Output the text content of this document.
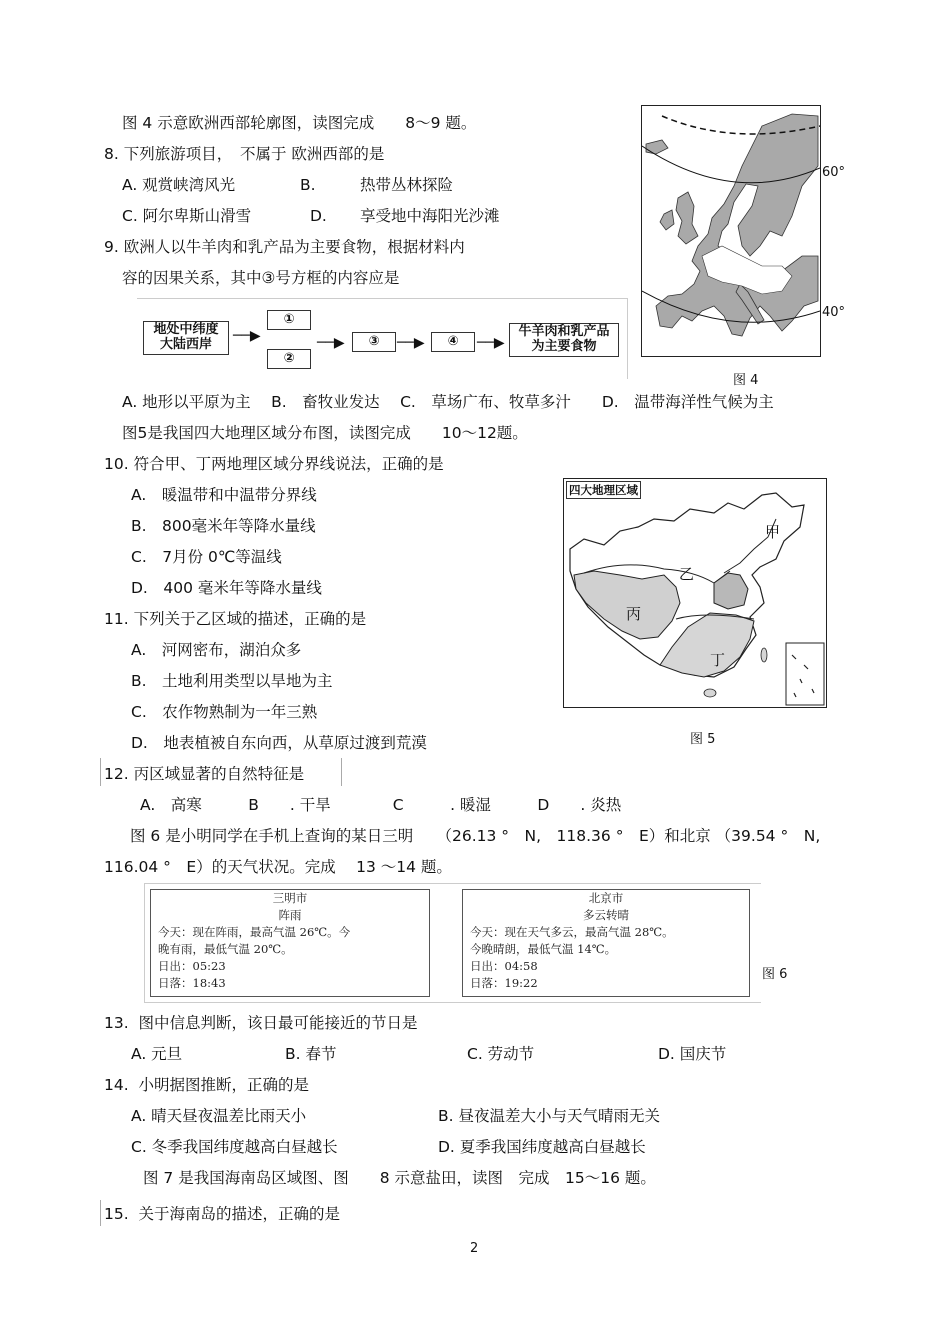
图 4 示意欧洲西部轮廓图，读图完成　　8～9 题。
8. 下列旅游项目，　不属于 欧洲西部的是
A. 观赏峡湾风光	B.	热带丛林探险
C. 阿尔卑斯山滑雪	D. 享受地中海阳光沙滩
9. 欧洲人以牛羊肉和乳产品为主要食物，根据材料内
容的因果关系，其中③号方框的内容应是
地处中纬度
大陆西岸
──▶
①
②
──▶	③	──▶	④	──▶
牛羊肉和乳产品
为主要食物
60°
40°
图 4
A. 地形以平原为主　 B.　畜牧业发达　 C.　草场广布、牧草多汁　　D.　温带海洋性气候为主
图5是我国四大地理区域分布图，读图完成　　10～12题。
10. 符合甲、丁两地理区域分界线说法，正确的是
A.　暖温带和中温带分界线
B.　800毫米年等降水量线
C.　7月份 0℃等温线
D.　400 毫米年等降水量线
11. 下列关于乙区域的描述，正确的是
A.　河网密布，湖泊众多
B.　土地利用类型以旱地为主
C.　农作物熟制为一年三熟
D.　地表植被自东向西，从草原过渡到荒漠
四大地理区域
甲
乙
丙
丁
图 5
12. 丙区域显著的自然特征是
A.　高寒　　　B　　. 干旱　　　　C　　　. 暖湿　　　D　　. 炎热
图 6 是小明同学在手机上查询的某日三明　　（26.13 °　N,　118.36 °　E）和北京 （39.54 °　N,
116.04 °　E）的天气状况。完成　 13 ～14 题。
三明市
阵雨
今天：现在阵雨，最高气温 26℃。今
晚有雨，最低气温 20℃。
日出：05:23
日落：18:43
北京市
多云转晴
今天：现在天气多云，最高气温 28℃。
今晚晴朗，最低气温 14℃。
日出：04:58
日落：19:22
图 6
13.  图中信息判断，该日最可能接近的节日是
A. 元旦	B. 春节	C. 劳动节	D. 国庆节
14.  小明据图推断，正确的是
A. 晴天昼夜温差比雨天小	B. 昼夜温差大小与天气晴雨无关
C. 冬季我国纬度越高白昼越长	D. 夏季我国纬度越高白昼越长
图 7 是我国海南岛区域图、图　　8 示意盐田，读图　完成　15～16 题。
15.  关于海南岛的描述，正确的是
2
